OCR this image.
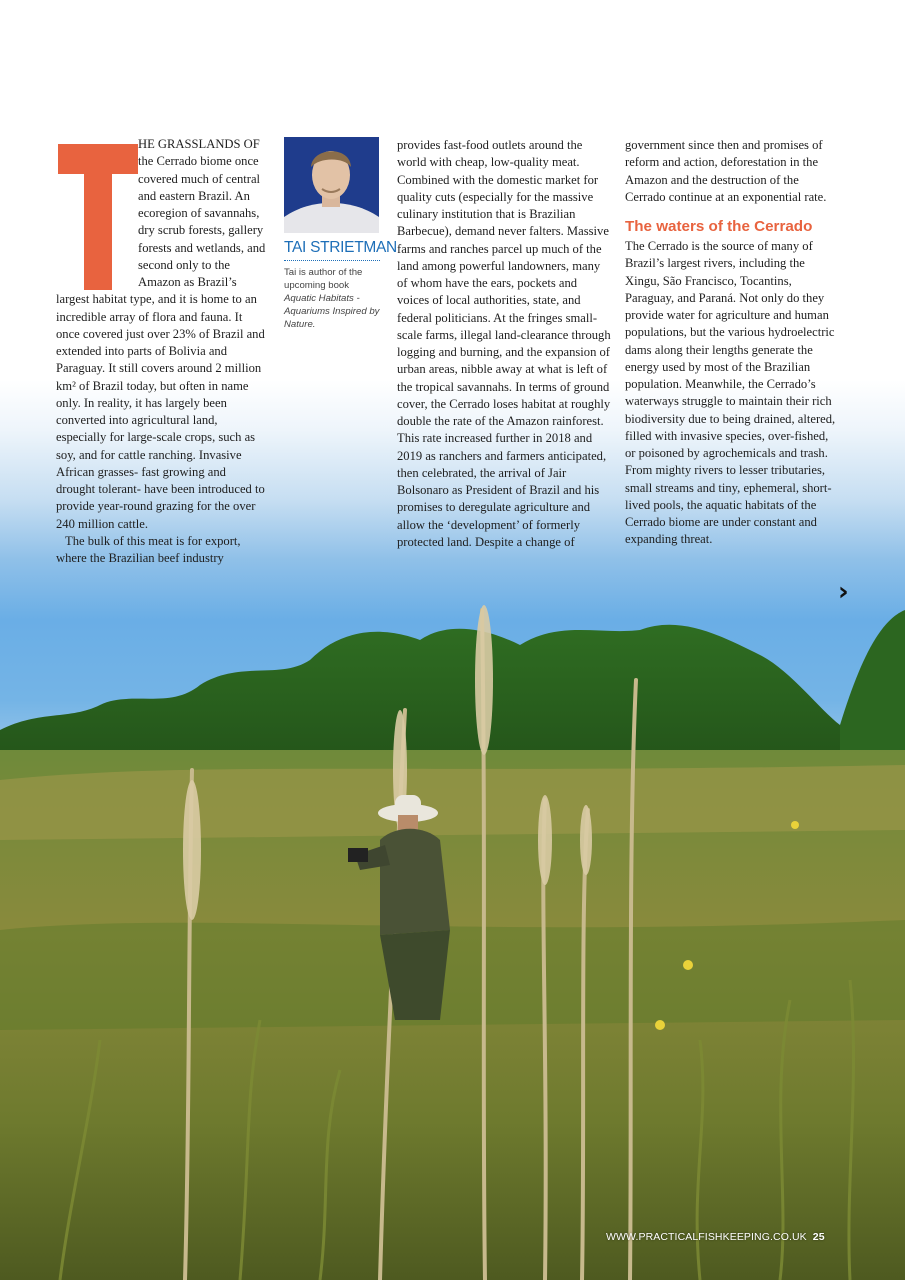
HE GRASSLANDS OF the Cerrado biome once covered much of central and eastern Brazil. An ecoregion of savannahs, dry scrub forests, gallery forests and wetlands, and second only to the Amazon as Brazil’s largest habitat type, and it is home to an incredible array of flora and fauna. It once covered just over 23% of Brazil and extended into parts of Bolivia and Paraguay. It still covers around 2 million km² of Brazil today, but often in name only. In reality, it has largely been converted into agricultural land, especially for large-scale crops, such as soy, and for cattle ranching. Invasive African grasses- fast growing and drought tolerant- have been introduced to provide year-round grazing for the over 240 million cattle.

The bulk of this meat is for export, where the Brazilian beef industry

TAI STRIETMAN
Tai is author of the upcoming book Aquatic Habitats - Aquariums Inspired by Nature.

provides fast-food outlets around the world with cheap, low-quality meat. Combined with the domestic market for quality cuts (especially for the massive culinary institution that is Brazilian Barbecue), demand never falters. Massive farms and ranches parcel up much of the land among powerful landowners, many of whom have the ears, pockets and voices of local authorities, state, and federal politicians. At the fringes small-scale farms, illegal land-clearance through logging and burning, and the expansion of urban areas, nibble away at what is left of the tropical savannahs. In terms of ground cover, the Cerrado loses habitat at roughly double the rate of the Amazon rainforest. This rate increased further in 2018 and 2019 as ranchers and farmers anticipated, then celebrated, the arrival of Jair Bolsonaro as President of Brazil and his promises to deregulate agriculture and allow the ‘development’ of formerly protected land. Despite a change of

government since then and promises of reform and action, deforestation in the Amazon and the destruction of the Cerrado continue at an exponential rate.

The waters of the Cerrado

The Cerrado is the source of many of Brazil’s largest rivers, including the Xingu, São Francisco, Tocantins, Paraguay, and Paraná. Not only do they provide water for agriculture and human populations, but the various hydroelectric dams along their lengths generate the energy used by most of the Brazilian population. Meanwhile, the Cerrado’s waterways struggle to maintain their rich biodiversity due to being drained, altered, filled with invasive species, over-fished, or poisoned by agrochemicals and trash. From mighty rivers to lesser tributaries, small streams and tiny, ephemeral, short-lived pools, the aquatic habitats of the Cerrado biome are under constant and expanding threat.

›
WWW.PRACTICALFISHKEEPING.CO.UK 25
